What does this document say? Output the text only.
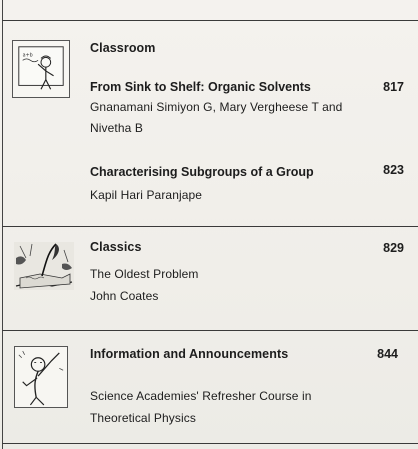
a+b
Classroom
From Sink to Shelf: Organic Solvents	817
Gnanamani Simiyon G, Mary Vergheese T and
Nivetha B
Characterising Subgroups of a Group	823
Kapil Hari Paranjape
Classics	829
The Oldest Problem
John Coates
Information and Announcements	844
Science Academies' Refresher Course in
Theoretical Physics
